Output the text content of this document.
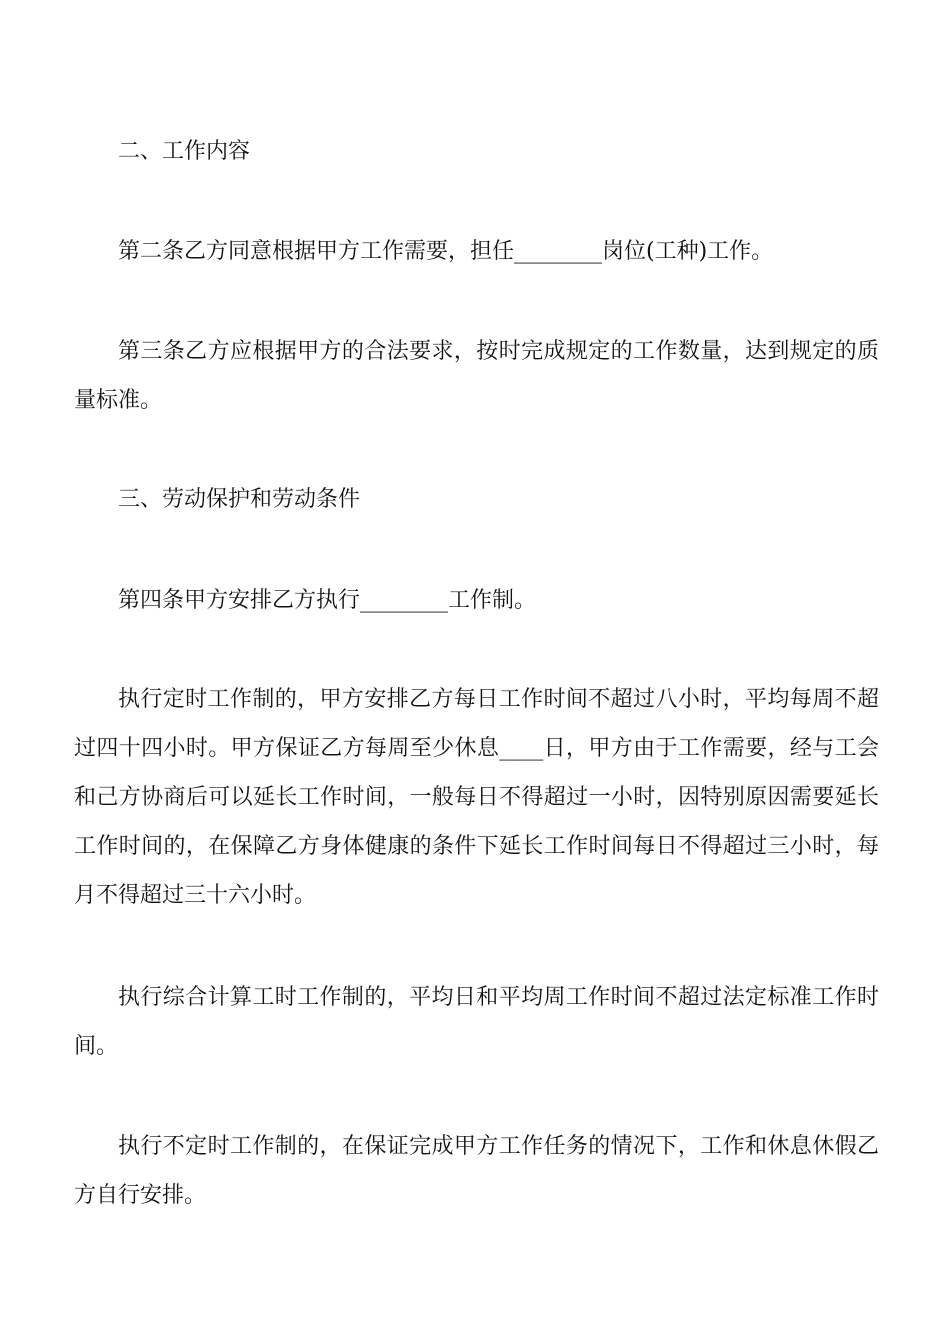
二、工作内容

第二条乙方同意根据甲方工作需要，担任________岗位(工种)工作。

第三条乙方应根据甲方的合法要求，按时完成规定的工作数量，达到规定的质量标准。

三、劳动保护和劳动条件

第四条甲方安排乙方执行________工作制。

执行定时工作制的，甲方安排乙方每日工作时间不超过八小时，平均每周不超过四十四小时。甲方保证乙方每周至少休息____日，甲方由于工作需要，经与工会和己方协商后可以延长工作时间，一般每日不得超过一小时，因特别原因需要延长工作时间的，在保障乙方身体健康的条件下延长工作时间每日不得超过三小时，每月不得超过三十六小时。

执行综合计算工时工作制的，平均日和平均周工作时间不超过法定标准工作时间。

执行不定时工作制的，在保证完成甲方工作任务的情况下，工作和休息休假乙方自行安排。
